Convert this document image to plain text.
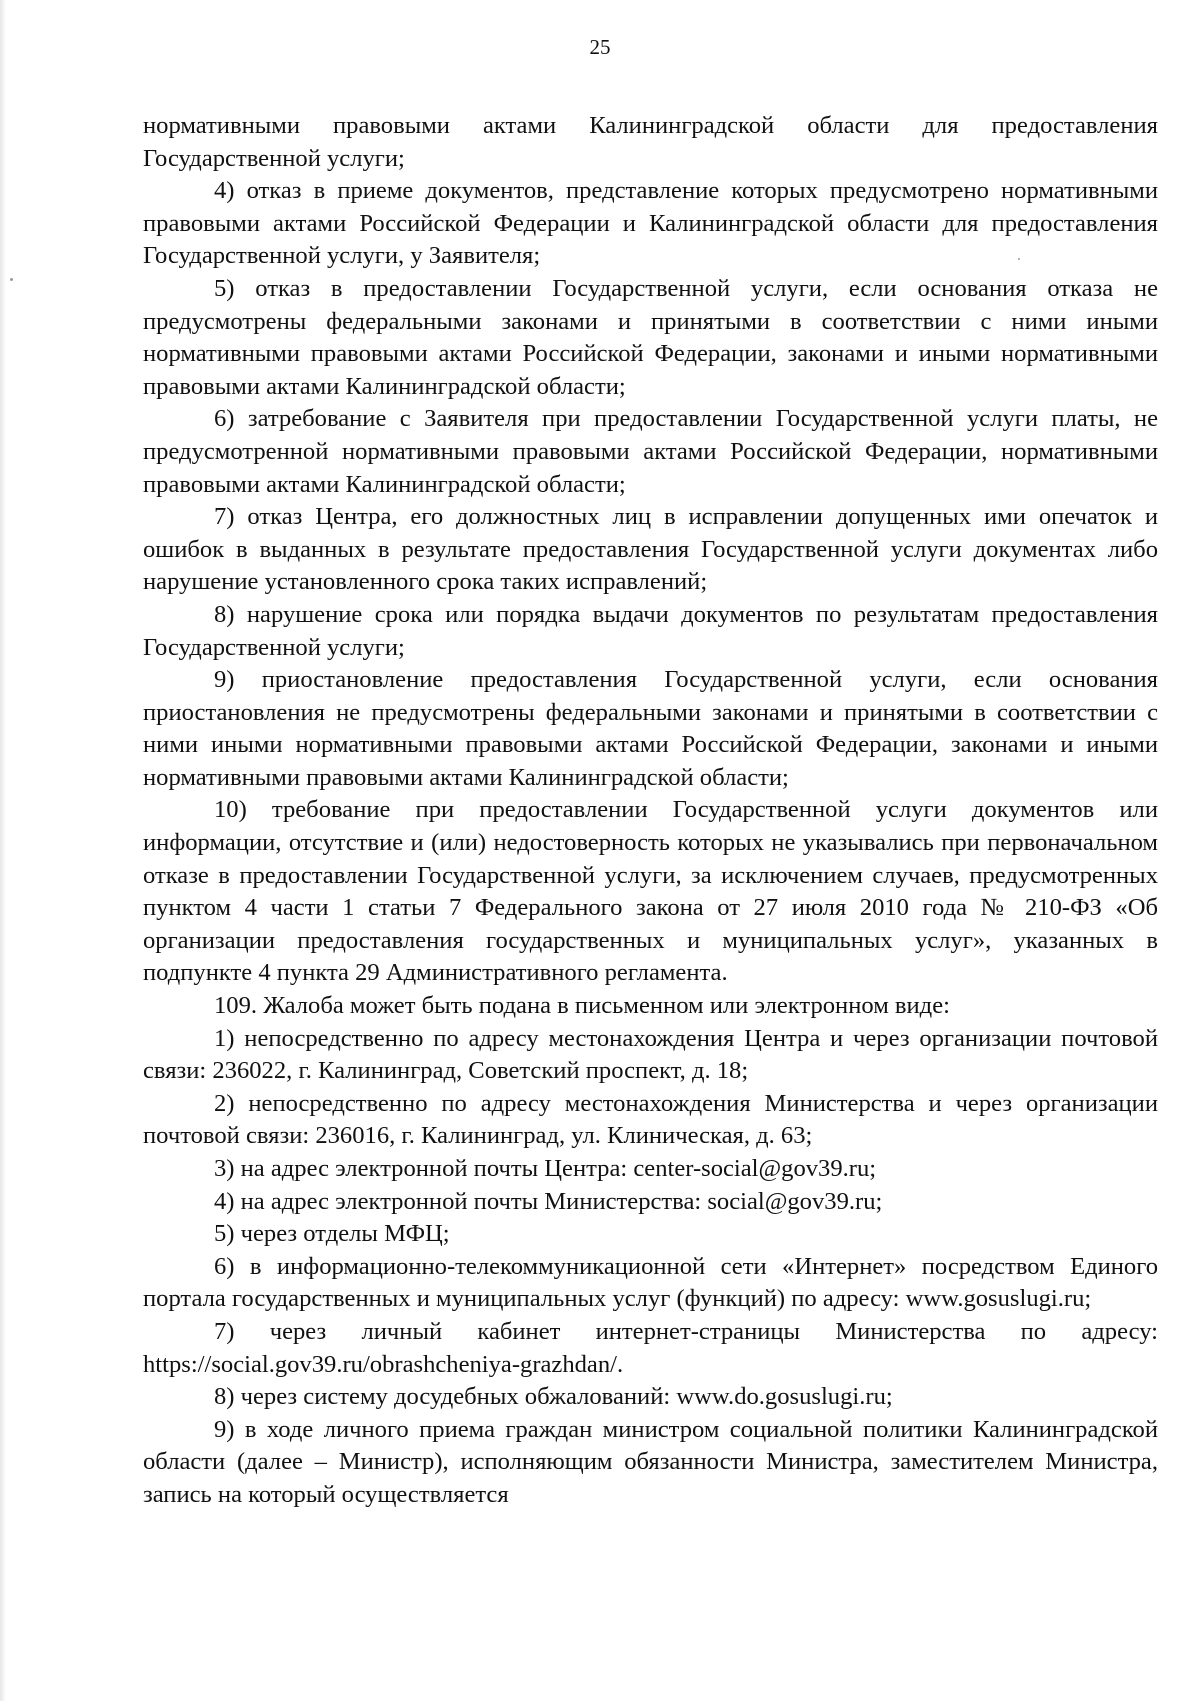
25

нормативными правовыми актами Калининградской области для предоставления Государственной услуги;

4) отказ в приеме документов, представление которых предусмотрено нормативными правовыми актами Российской Федерации и Калининградской области для предоставления Государственной услуги, у Заявителя;

5) отказ в предоставлении Государственной услуги, если основания отказа не предусмотрены федеральными законами и принятыми в соответствии с ними иными нормативными правовыми актами Российской Федерации, законами и иными нормативными правовыми актами Калининградской области;

6) затребование с Заявителя при предоставлении Государственной услуги платы, не предусмотренной нормативными правовыми актами Российской Федерации, нормативными правовыми актами Калининградской области;

7) отказ Центра, его должностных лиц в исправлении допущенных ими опечаток и ошибок в выданных в результате предоставления Государственной услуги документах либо нарушение установленного срока таких исправлений;

8) нарушение срока или порядка выдачи документов по результатам предоставления Государственной услуги;

9) приостановление предоставления Государственной услуги, если основания приостановления не предусмотрены федеральными законами и принятыми в соответствии с ними иными нормативными правовыми актами Российской Федерации, законами и иными нормативными правовыми актами Калининградской области;

10) требование при предоставлении Государственной услуги документов или информации, отсутствие и (или) недостоверность которых не указывались при первоначальном отказе в предоставлении Государственной услуги, за исключением случаев, предусмотренных пунктом 4 части 1 статьи 7 Федерального закона от 27 июля 2010 года № 210-ФЗ «Об организации предоставления государственных и муниципальных услуг», указанных в подпункте 4 пункта 29 Административного регламента.

109. Жалоба может быть подана в письменном или электронном виде:

1) непосредственно по адресу местонахождения Центра и через организации почтовой связи: 236022, г. Калининград, Советский проспект, д. 18;

2) непосредственно по адресу местонахождения Министерства и через организации почтовой связи: 236016, г. Калининград, ул. Клиническая, д. 63;

3) на адрес электронной почты Центра: center-social@gov39.ru;

4) на адрес электронной почты Министерства: social@gov39.ru;

5) через отделы МФЦ;

6) в информационно-телекоммуникационной сети «Интернет» посредством Единого портала государственных и муниципальных услуг (функций) по адресу: www.gosuslugi.ru;

7) через личный кабинет интернет-страницы Министерства по адресу: https://social.gov39.ru/obrashcheniya-grazhdan/.

8) через систему досудебных обжалований: www.do.gosuslugi.ru;

9) в ходе личного приема граждан министром социальной политики Калининградской области (далее – Министр), исполняющим обязанности Министра, заместителем Министра, запись на который осуществляется
